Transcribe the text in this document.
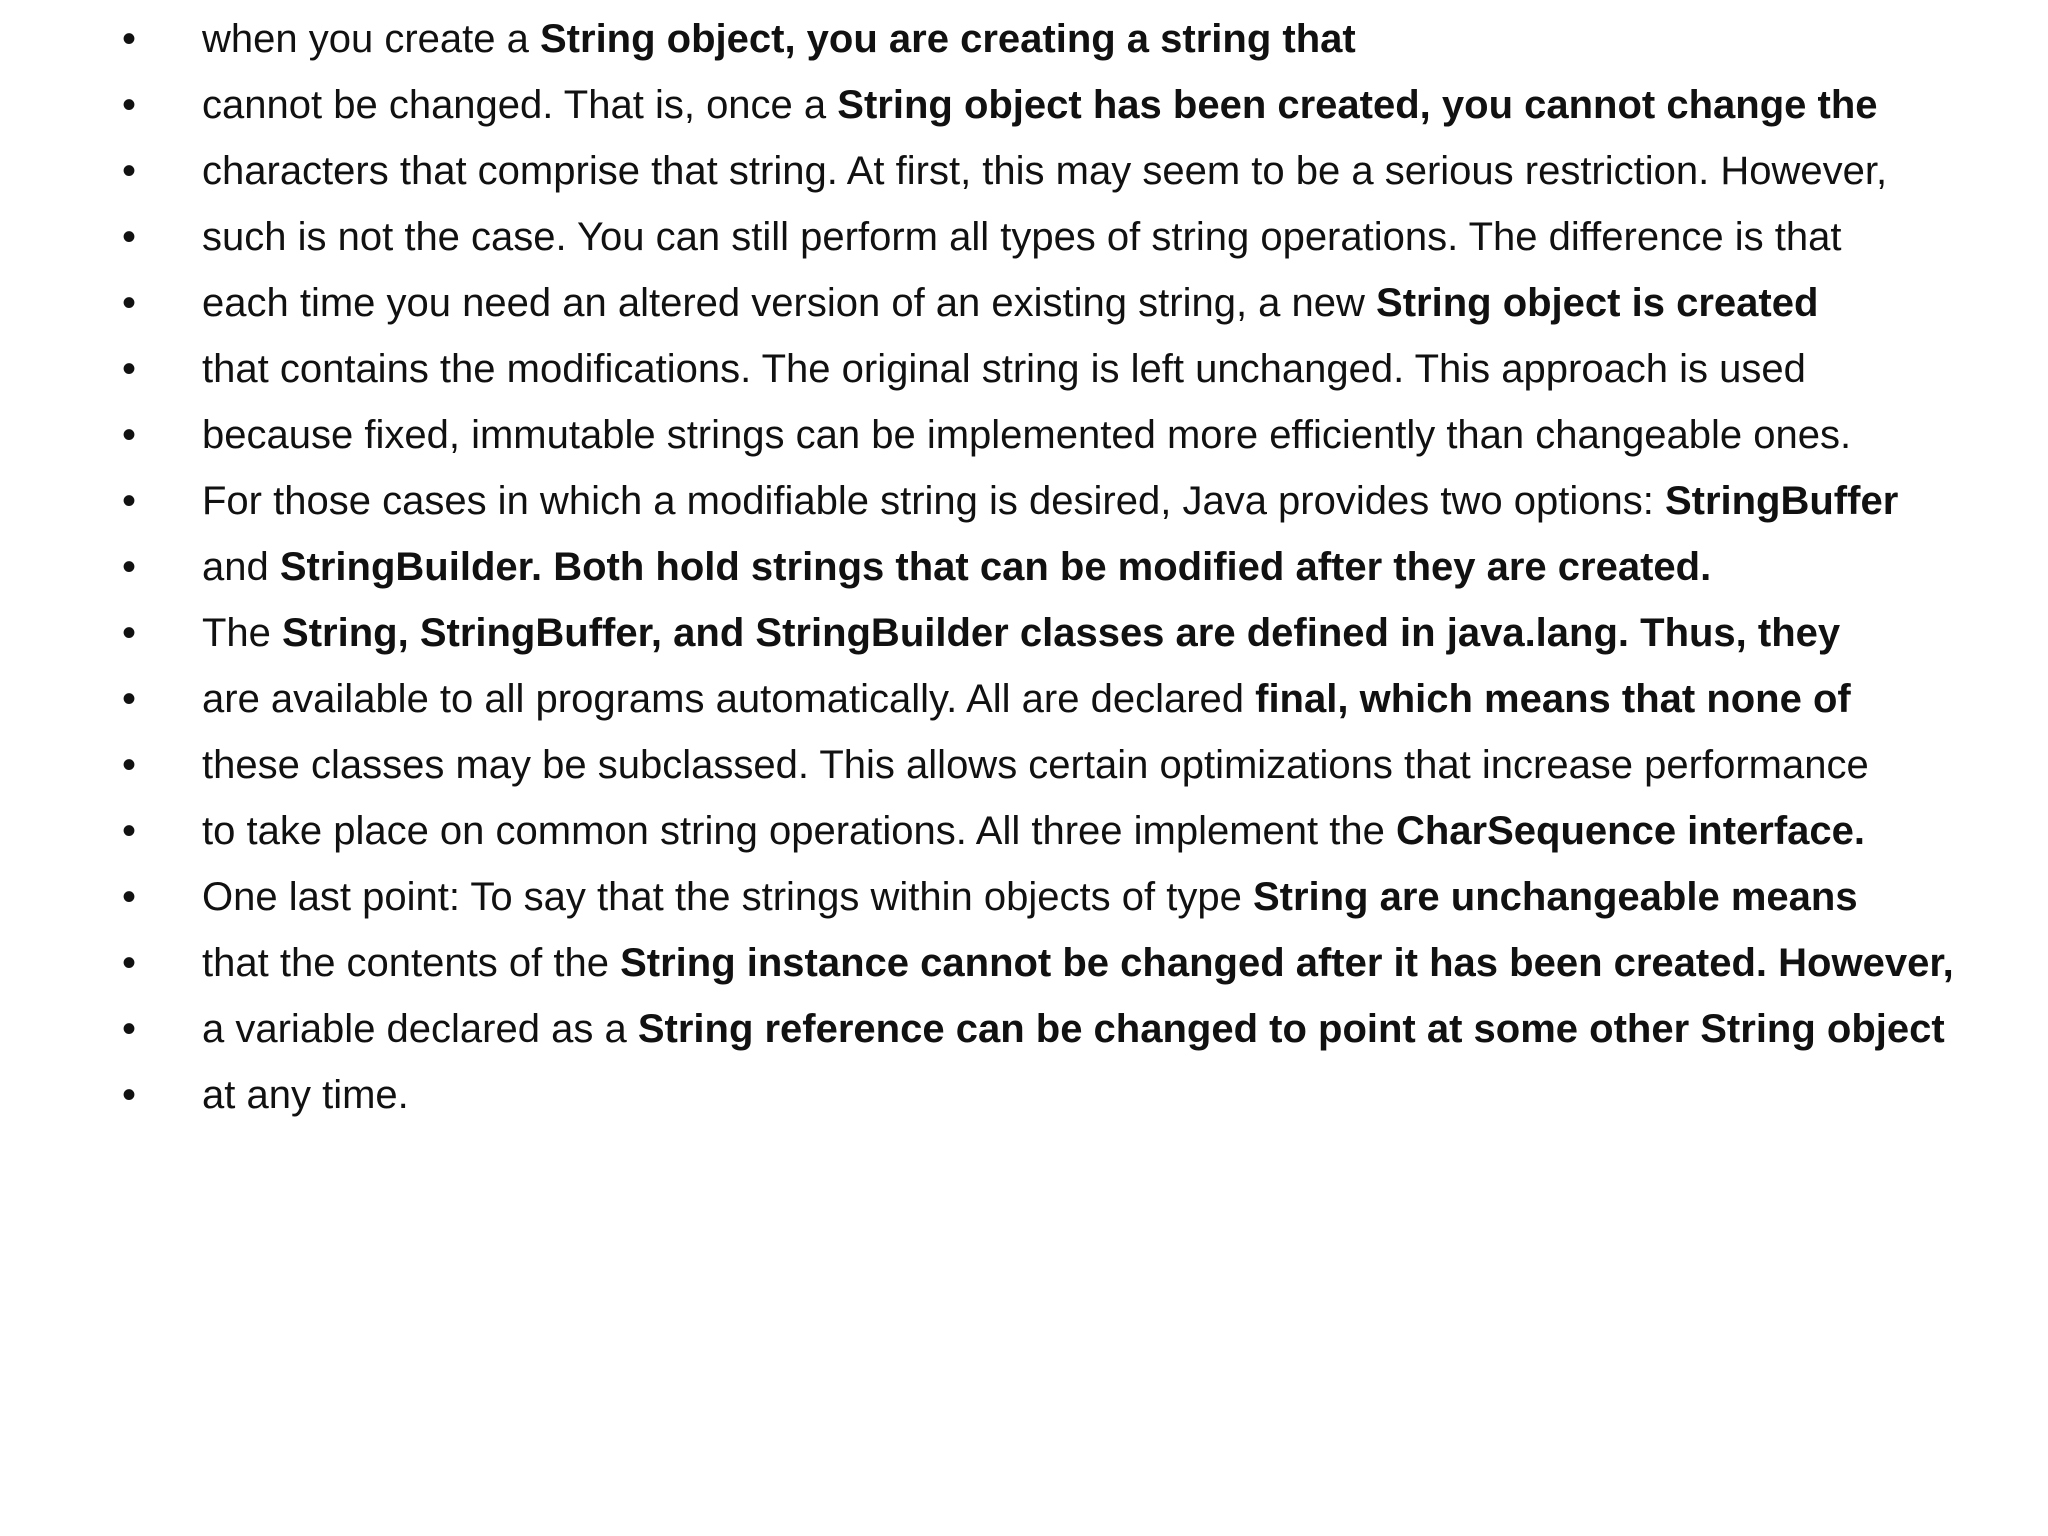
• when you create a String object, you are creating a string that
• cannot be changed. That is, once a String object has been created, you cannot change the
• characters that comprise that string. At first, this may seem to be a serious restriction. However,
• such is not the case. You can still perform all types of string operations. The difference is that
• each time you need an altered version of an existing string, a new String object is created
• that contains the modifications. The original string is left unchanged. This approach is used
• because fixed, immutable strings can be implemented more efficiently than changeable ones.
• For those cases in which a modifiable string is desired, Java provides two options: StringBuffer
• and StringBuilder. Both hold strings that can be modified after they are created.
• The String, StringBuffer, and StringBuilder classes are defined in java.lang. Thus, they
• are available to all programs automatically. All are declared final, which means that none of
• these classes may be subclassed. This allows certain optimizations that increase performance
• to take place on common string operations. All three implement the CharSequence interface.
• One last point: To say that the strings within objects of type String are unchangeable means
• that the contents of the String instance cannot be changed after it has been created. However,
• a variable declared as a String reference can be changed to point at some other String object
• at any time.
